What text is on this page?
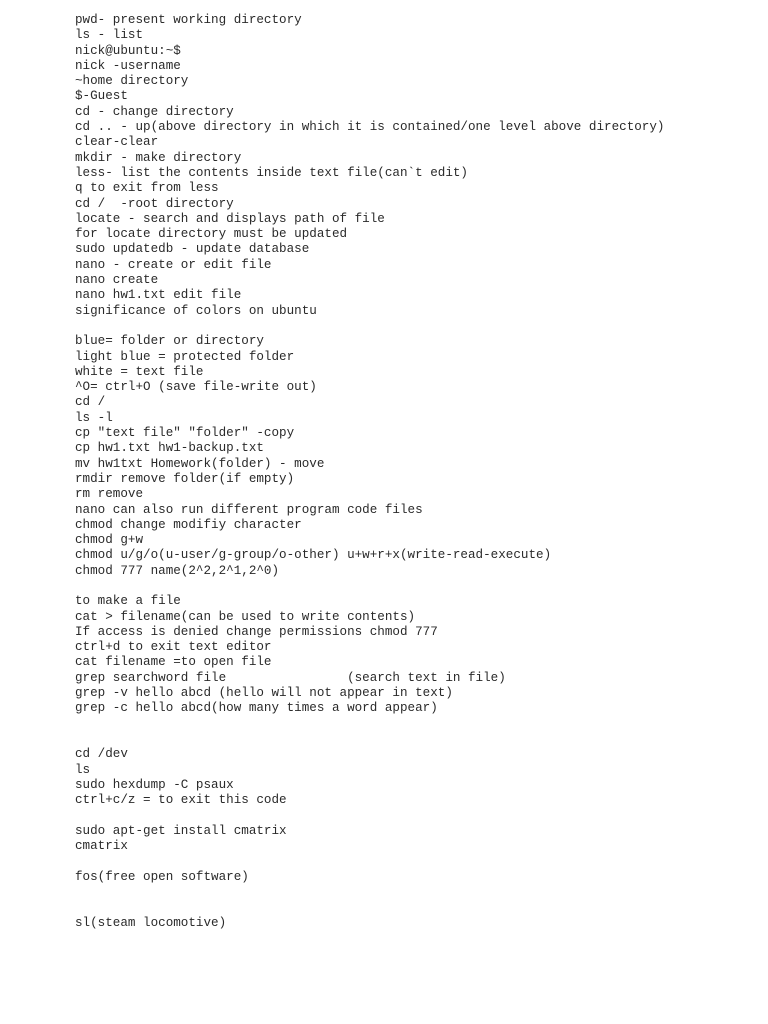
pwd- present working directory
ls - list
nick@ubuntu:~$
nick -username
~home directory
$-Guest
cd - change directory
cd .. - up(above directory in which it is contained/one level above directory)
clear-clear
mkdir - make directory
less- list the contents inside text file(can`t edit)
q to exit from less
cd /  -root directory
locate - search and displays path of file
for locate directory must be updated
sudo updatedb - update database
nano - create or edit file
nano create
nano hw1.txt edit file
significance of colors on ubuntu
blue= folder or directory
light blue = protected folder
white = text file
^O= ctrl+O (save file-write out)
cd /
ls -l
cp "text file" "folder" -copy
cp hw1.txt hw1-backup.txt
mv hw1txt Homework(folder) - move
rmdir remove folder(if empty)
rm remove
nano can also run different program code files
chmod change modifiy character
chmod g+w
chmod u/g/o(u-user/g-group/o-other) u+w+r+x(write-read-execute)
chmod 777 name(2^2,2^1,2^0)
to make a file
cat > filename(can be used to write contents)
If access is denied change permissions chmod 777
ctrl+d to exit text editor
cat filename =to open file
grep searchword file                (search text in file)
grep -v hello abcd (hello will not appear in text)
grep -c hello abcd(how many times a word appear)
cd /dev
ls
sudo hexdump -C psaux
ctrl+c/z = to exit this code
sudo apt-get install cmatrix
cmatrix
fos(free open software)
sl(steam locomotive)
